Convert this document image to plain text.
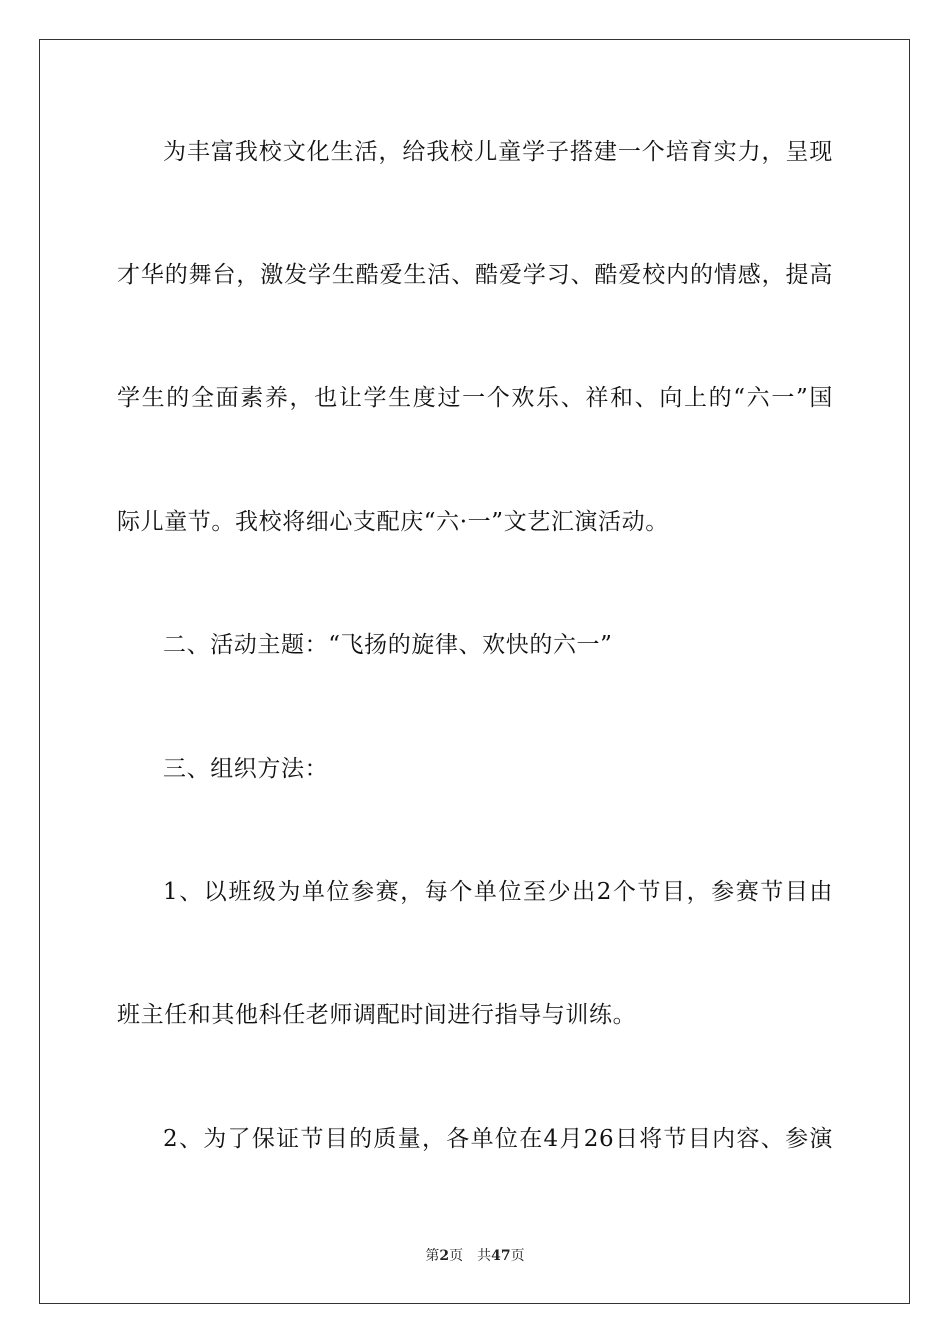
为丰富我校文化生活，给我校儿童学子搭建一个培育实力，呈现
才华的舞台，激发学生酷爱生活、酷爱学习、酷爱校内的情感，提高
学生的全面素养，也让学生度过一个欢乐、祥和、向上的“六一”国
际儿童节。我校将细心支配庆“六·一”文艺汇演活动。
二、活动主题：“飞扬的旋律、欢快的六一”
三、组织方法：
1、以班级为单位参赛，每个单位至少出2个节目，参赛节目由
班主任和其他科任老师调配时间进行指导与训练。
2、为了保证节目的质量，各单位在4月26日将节目内容、参演
第2页 共47页
